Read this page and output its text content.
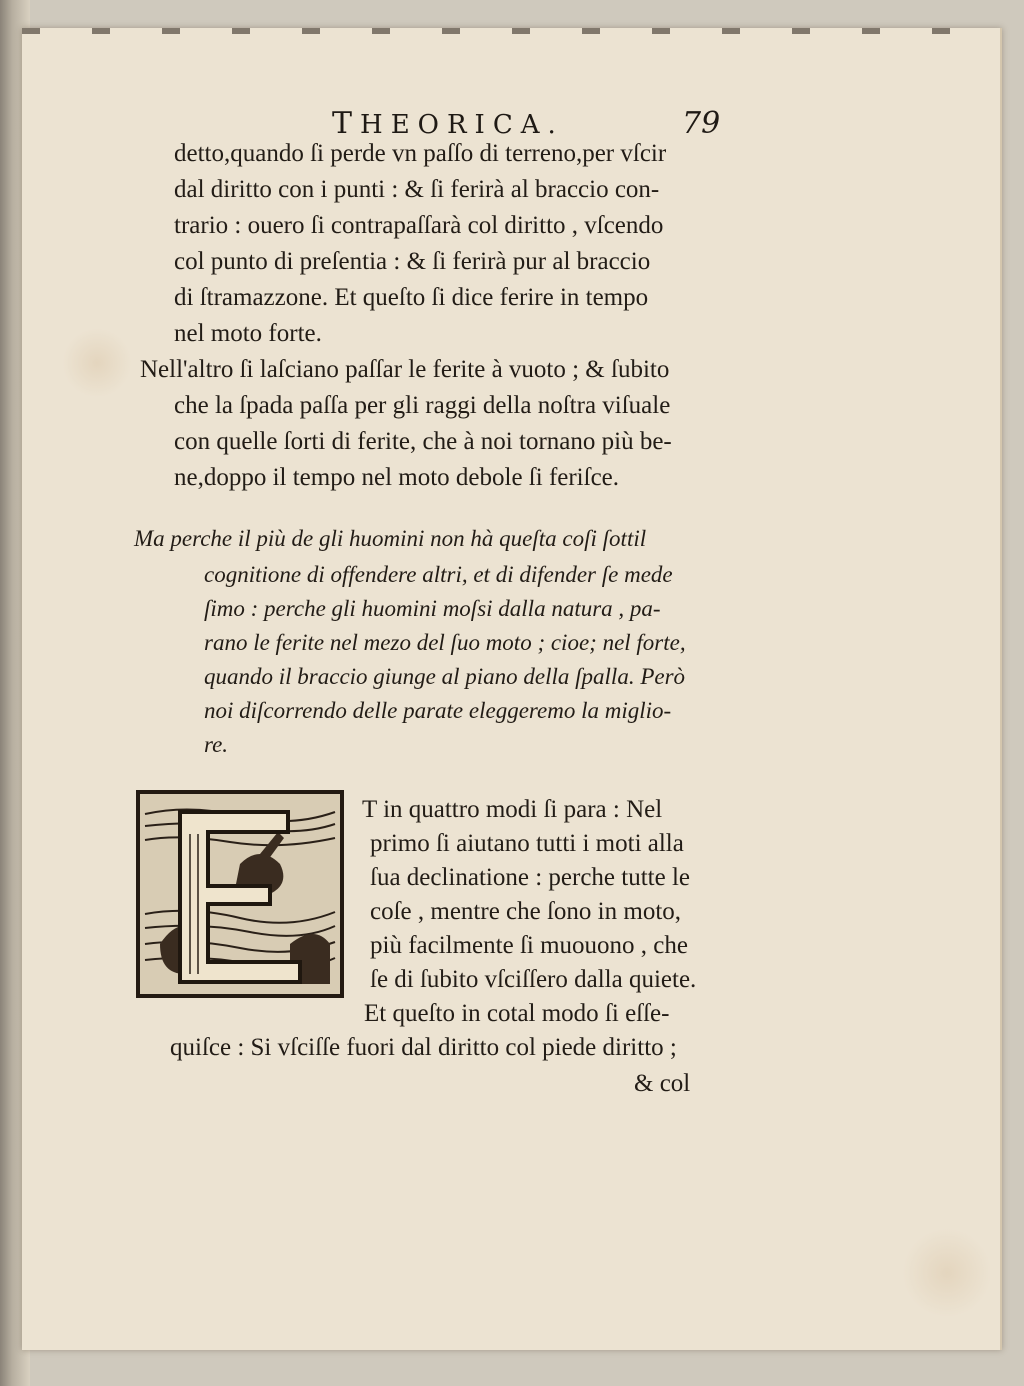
THEORICA.	79
detto,quando ſi perde vn paſſo di terreno,per vſcir
dal diritto con i punti : & ſi ferirà al braccio con-
trario : ouero ſi contrapaſſarà col diritto , vſcendo
col punto di preſentia : & ſi ferirà pur al braccio
di ſtramazzone. Et queſto ſi dice ferire in tempo
nel moto forte.
Nell'altro ſi laſciano paſſar le ferite à vuoto ; & ſubito
che la ſpada paſſa per gli raggi della noſtra viſuale
con quelle ſorti di ferite, che à noi tornano più be-
ne,doppo il tempo nel moto debole ſi feriſce.
Ma perche il più de gli huomini non hà queſta coſi ſottil
cognitione di offendere altri, et di difender ſe mede
ſimo : perche gli huomini moſsi dalla natura , pa-
rano le ferite nel mezo del ſuo moto ; cioe; nel forte,
quando il braccio giunge al piano della ſpalla. Però
noi diſcorrendo delle parate eleggeremo la miglio-
re.
T in quattro modi ſi para : Nel
primo ſi aiutano tutti i moti alla
ſua declinatione : perche tutte le
coſe , mentre che ſono in moto,
più facilmente ſi muouono , che
ſe di ſubito vſciſſero dalla quiete.
Et queſto in cotal modo ſi eſſe-
quiſce : Si vſciſſe fuori dal diritto col piede diritto ;
& col
